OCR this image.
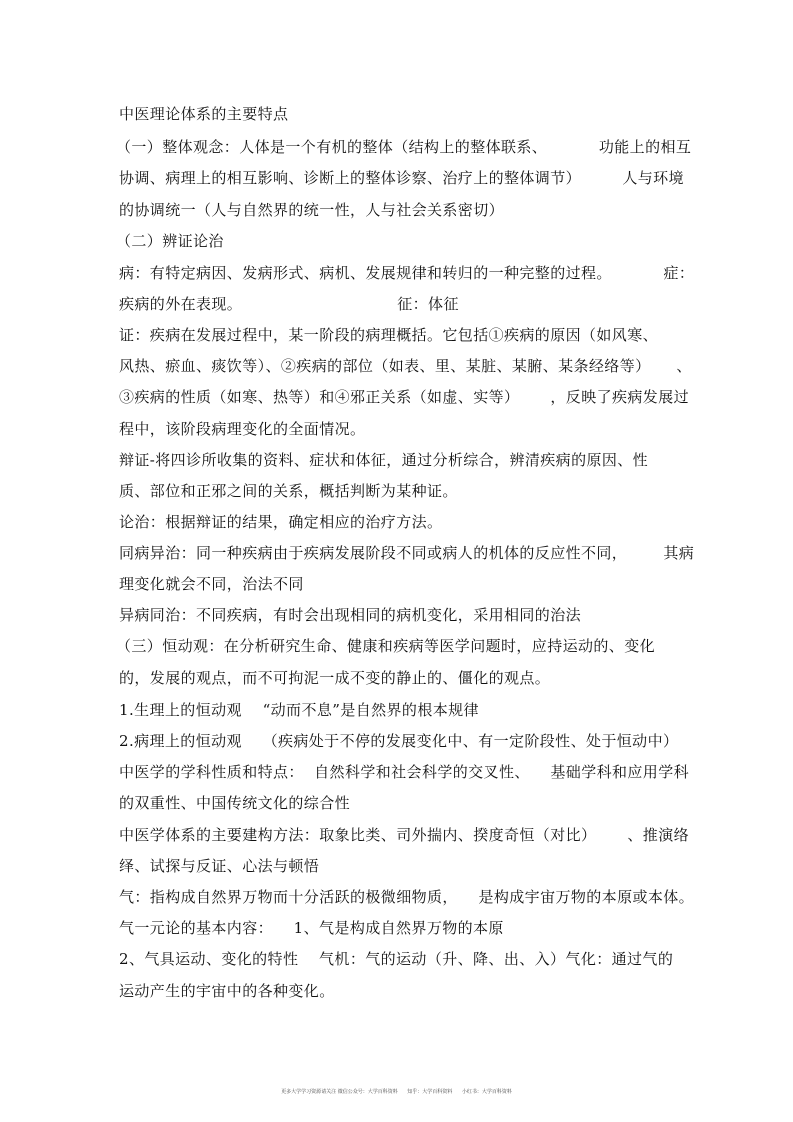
中医理论体系的主要特点

（一）整体观念：人体是一个有机的整体（结构上的整体联系、          功能上的相互

协调、病理上的相互影响、诊断上的整体诊察、治疗上的整体调节）        人与环境

的协调统一（人与自然界的统一性，人与社会关系密切）

（二）辨证论治

病：有特定病因、发病形式、病机、发展规律和转归的一种完整的过程。          症：

疾病的外在表现。                              征：体征

证：疾病在发展过程中，某一阶段的病理概括。它包括①疾病的原因（如风寒、

风热、瘀血、痰饮等）、②疾病的部位（如表、里、某脏、某腑、某条经络等）     、

③疾病的性质（如寒、热等）和④邪正关系（如虚、实等）      ，反映了疾病发展过

程中，该阶段病理变化的全面情况。

辩证-将四诊所收集的资料、症状和体征，通过分析综合，辨清疾病的原因、性

质、部位和正邪之间的关系，概括判断为某种证。

论治：根据辩证的结果，确定相应的治疗方法。

同病异治：同一种疾病由于疾病发展阶段不同或病人的机体的反应性不同，       其病

理变化就会不同，治法不同

异病同治：不同疾病，有时会出现相同的病机变化，采用相同的治法

（三）恒动观：在分析研究生命、健康和疾病等医学问题时，应持运动的、变化

的，发展的观点，而不可拘泥一成不变的静止的、僵化的观点。

1.生理上的恒动观    “动而不息”是自然界的根本规律

2.病理上的恒动观    （疾病处于不停的发展变化中、有一定阶段性、处于恒动中）

中医学的学科性质和特点：  自然科学和社会科学的交叉性、    基础学科和应用学科

的双重性、中国传统文化的综合性

中医学体系的主要建构方法：取象比类、司外揣内、揆度奇恒（对比）      、推演络

绎、试探与反证、心法与顿悟

气：指构成自然界万物而十分活跃的极微细物质，    是构成宇宙万物的本原或本体。

气一元论的基本内容：    1、气是构成自然界万物的本原

2、气具运动、变化的特性    气机：气的运动（升、降、出、入）气化：通过气的

运动产生的宇宙中的各种变化。

更多大学学习资源请关注 微信公众号：大学百科资料      知乎：大学百科资料      小红书：大学百科资料
